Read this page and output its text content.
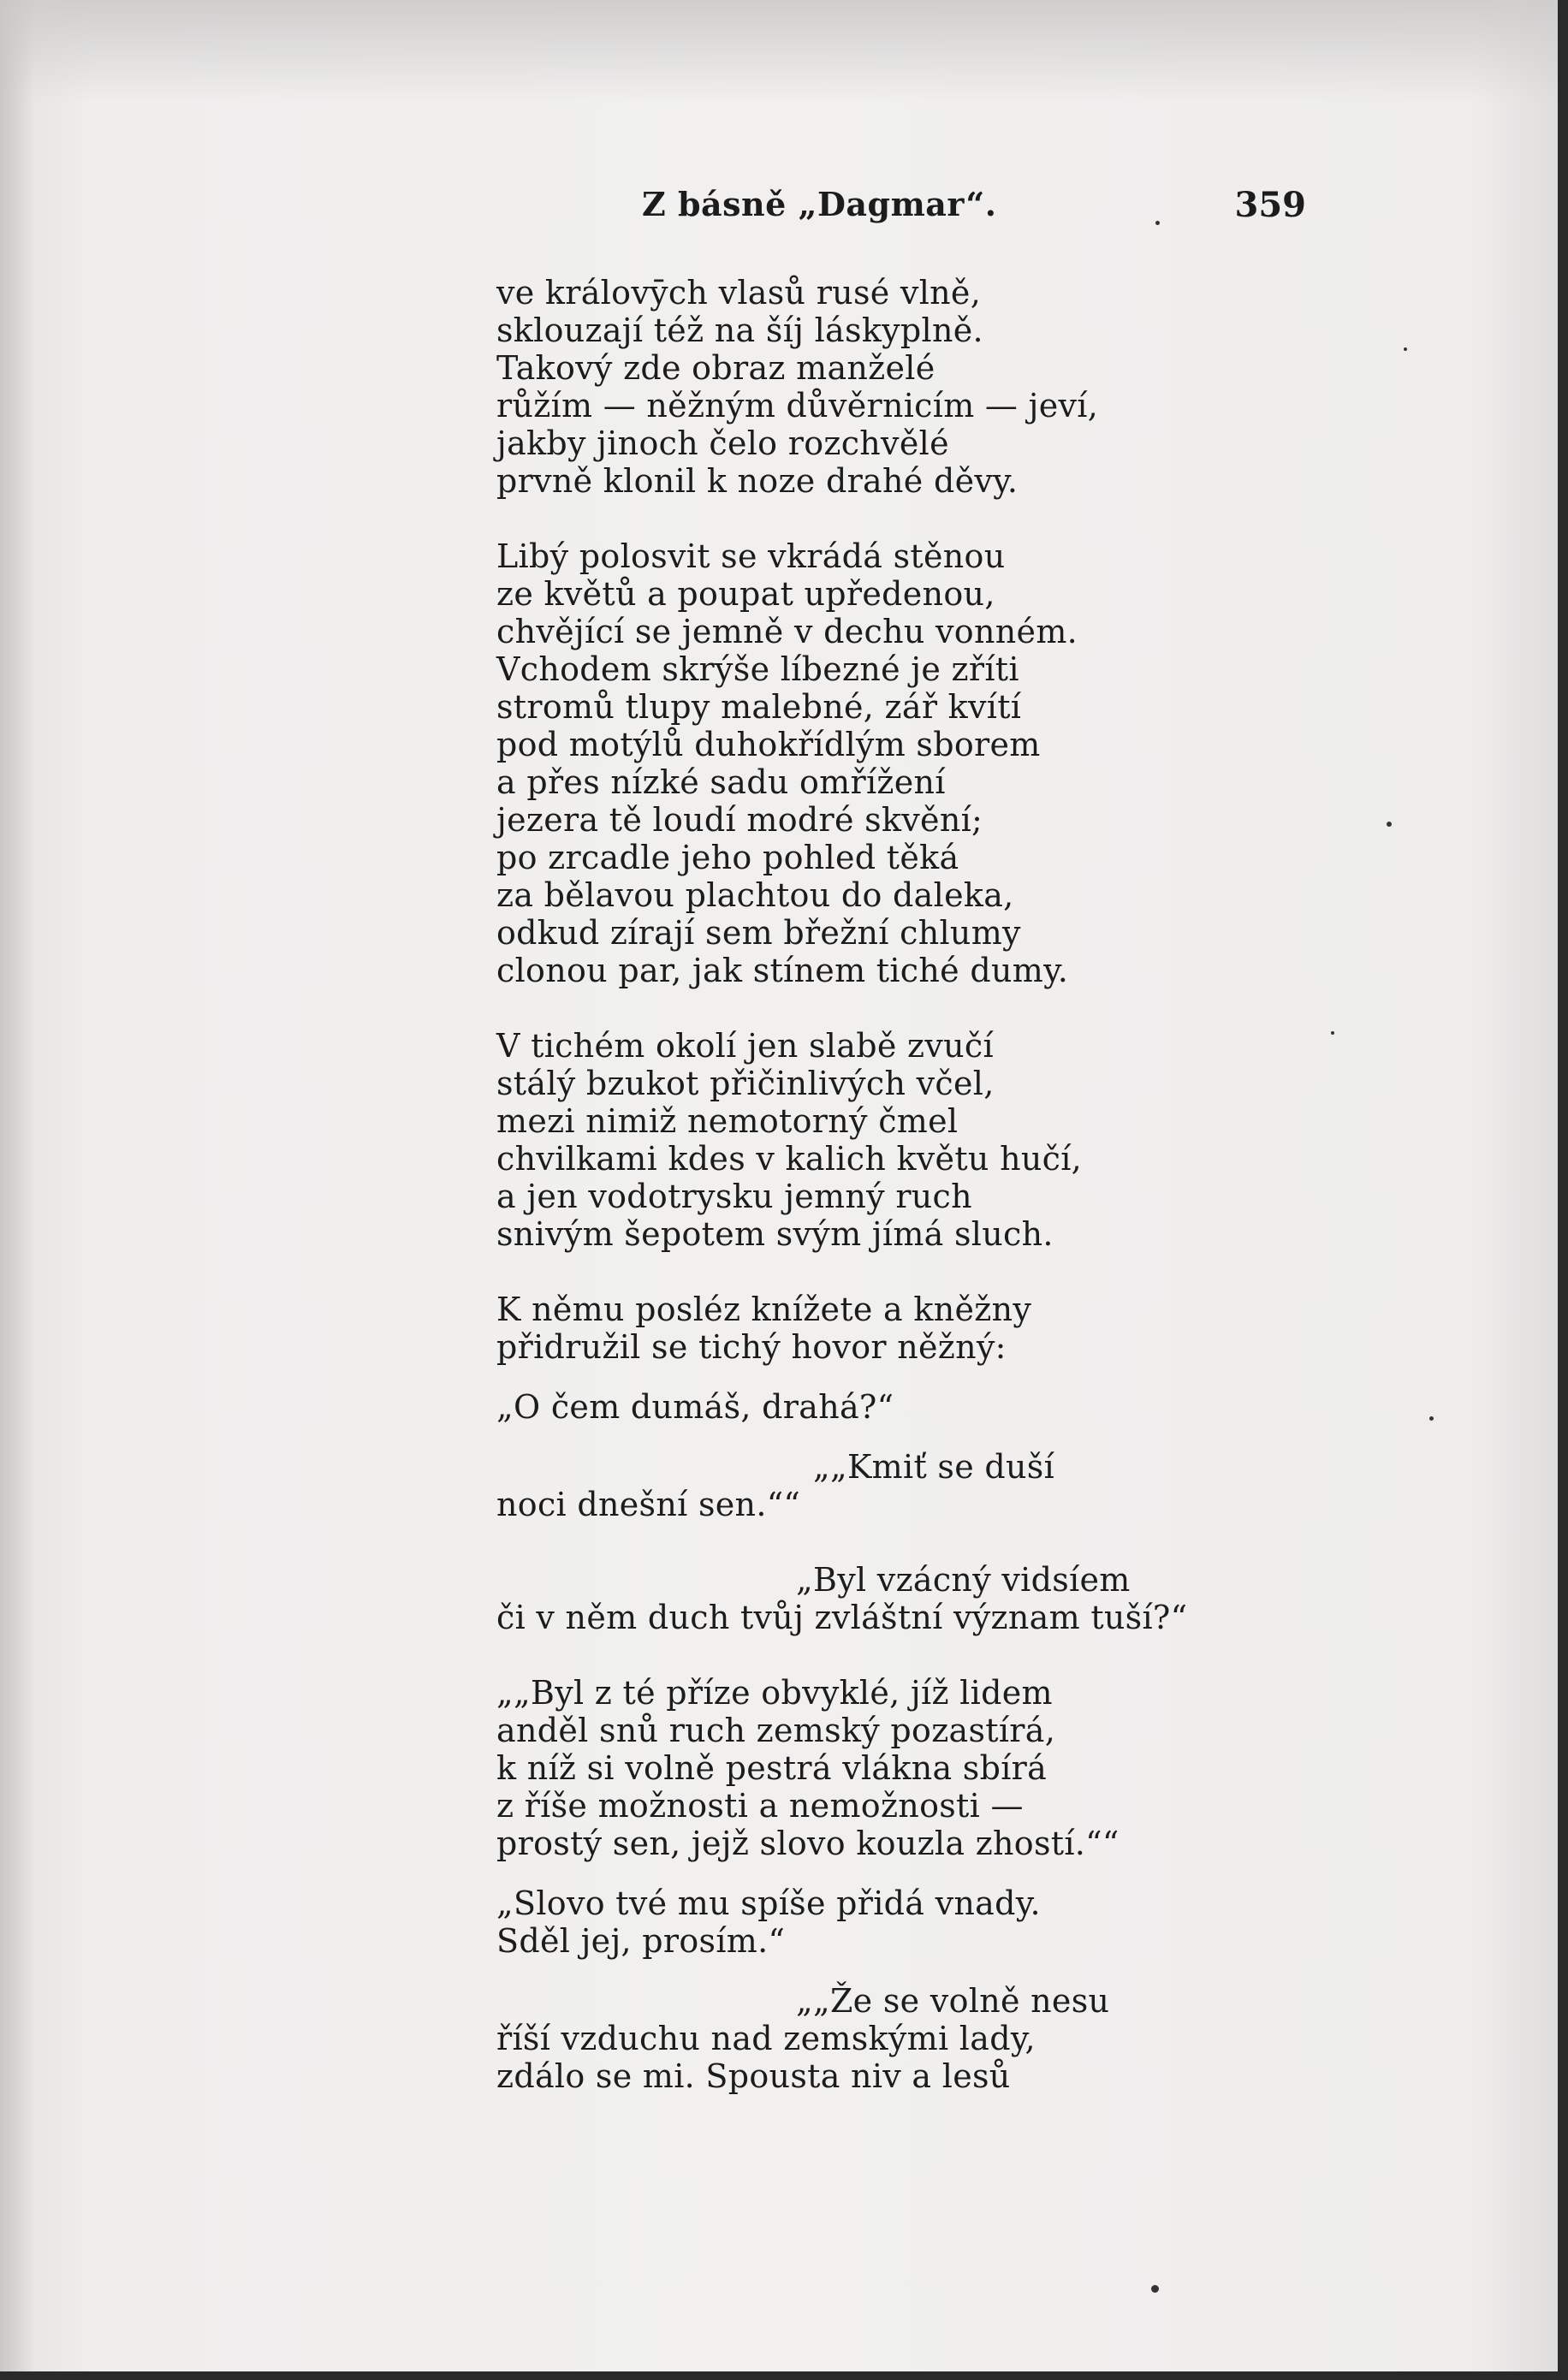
Z básně „Dagmar“.	359
ve královȳch vlasů rusé vlně,
sklouzají též na šíj láskyplně.
Takový zde obraz manželé
růžím — něžným důvěrnicím — jeví,
jakby jinoch čelo rozchvělé
prvně klonil k noze drahé děvy.
Libý polosvit se vkrádá stěnou
ze květů a poupat upředenou,
chvějící se jemně v dechu vonném.
Vchodem skrýše líbezné je zříti
stromů tlupy malebné, zář kvítí
pod motýlů duhokřídlým sborem
a přes nízké sadu omřížení
jezera tě loudí modré skvění;
po zrcadle jeho pohled těká
za bělavou plachtou do daleka,
odkud zírají sem břežní chlumy
clonou par, jak stínem tiché dumy.
V tichém okolí jen slabě zvučí
stálý bzukot přičinlivých včel,
mezi nimiž nemotorný čmel
chvilkami kdes v kalich květu hučí,
a jen vodotrysku jemný ruch
snivým šepotem svým jímá sluch.
K němu posléz knížete a kněžny
přidružil se tichý hovor něžný:
„O čem dumáš, drahá?“
„„Kmiť se duší
noci dnešní sen.““
„Byl vzácný vidsíem
či v něm duch tvůj zvláštní význam tuší?“
„„Byl z té příze obvyklé, jíž lidem
anděl snů ruch zemský pozastírá,
k níž si volně pestrá vlákna sbírá
z říše možnosti a nemožnosti —
prostý sen, jejž slovo kouzla zhostí.““
„Slovo tvé mu spíše přidá vnady.
Sděl jej, prosím.“
„„Že se volně nesu
říší vzduchu nad zemskými lady,
zdálo se mi. Spousta niv a lesů
